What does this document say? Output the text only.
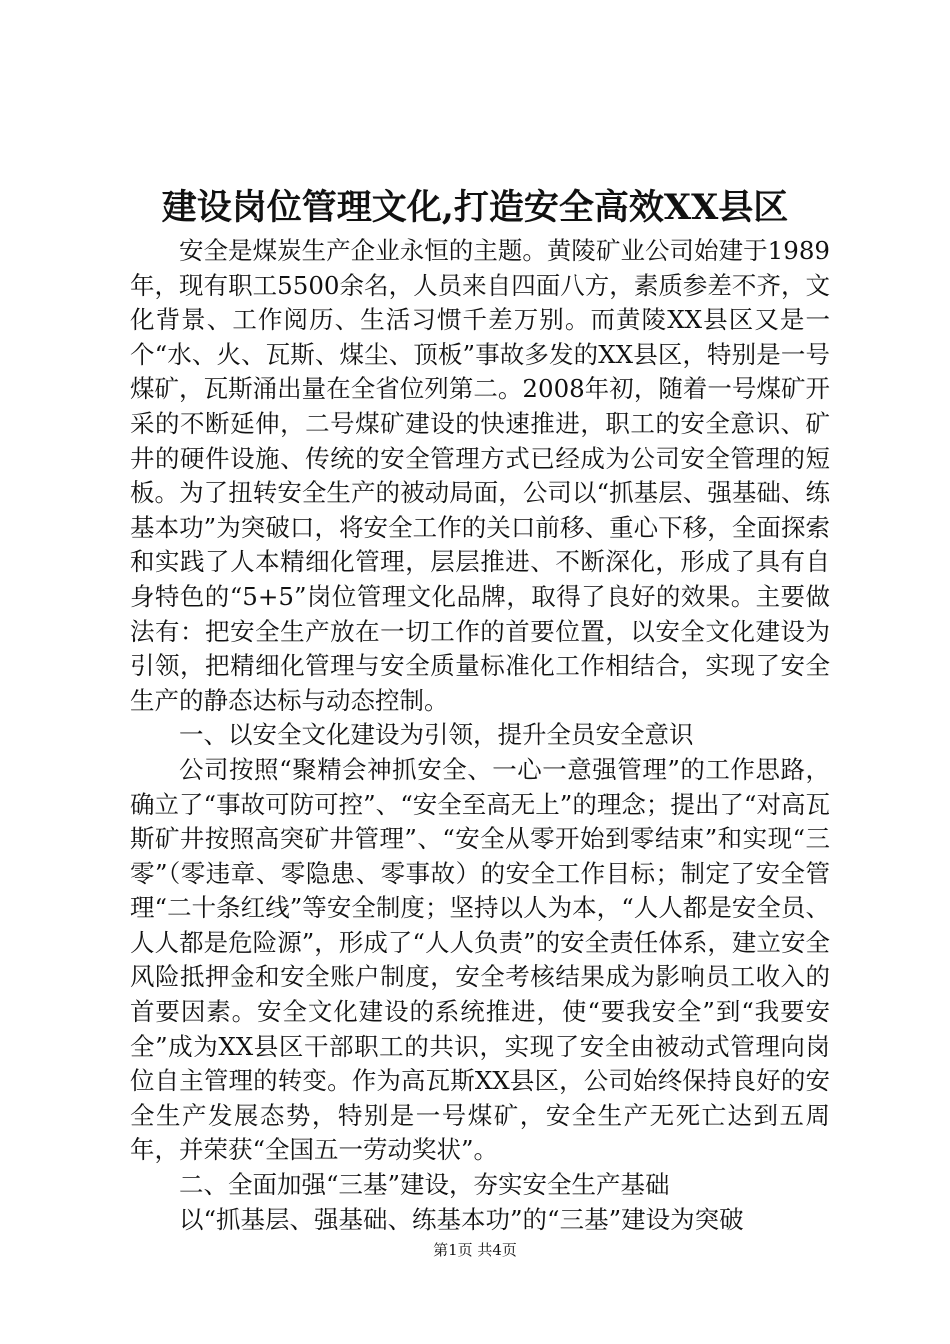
建设岗位管理文化,打造安全高效XX县区

安全是煤炭生产企业永恒的主题。黄陵矿业公司始建于1989年，现有职工5500余名，人员来自四面八方，素质参差不齐，文化背景、工作阅历、生活习惯千差万别。而黄陵XX县区又是一个“水、火、瓦斯、煤尘、顶板”事故多发的XX县区，特别是一号煤矿，瓦斯涌出量在全省位列第二。2008年初，随着一号煤矿开采的不断延伸，二号煤矿建设的快速推进，职工的安全意识、矿井的硬件设施、传统的安全管理方式已经成为公司安全管理的短板。为了扭转安全生产的被动局面，公司以“抓基层、强基础、练基本功”为突破口，将安全工作的关口前移、重心下移，全面探索和实践了人本精细化管理，层层推进、不断深化，形成了具有自身特色的“5+5”岗位管理文化品牌，取得了良好的效果。主要做法有：把安全生产放在一切工作的首要位置，以安全文化建设为引领，把精细化管理与安全质量标准化工作相结合，实现了安全生产的静态达标与动态控制。

一、以安全文化建设为引领，提升全员安全意识

公司按照“聚精会神抓安全、一心一意强管理”的工作思路，确立了“事故可防可控”、“安全至高无上”的理念；提出了“对高瓦斯矿井按照高突矿井管理”、“安全从零开始到零结束”和实现“三零”（零违章、零隐患、零事故）的安全工作目标；制定了安全管理“二十条红线”等安全制度；坚持以人为本，“人人都是安全员、人人都是危险源”，形成了“人人负责”的安全责任体系，建立安全风险抵押金和安全账户制度，安全考核结果成为影响员工收入的首要因素。安全文化建设的系统推进，使“要我安全”到“我要安全”成为XX县区干部职工的共识，实现了安全由被动式管理向岗位自主管理的转变。作为高瓦斯XX县区，公司始终保持良好的安全生产发展态势，特别是一号煤矿，安全生产无死亡达到五周年，并荣获“全国五一劳动奖状”。

二、全面加强“三基”建设，夯实安全生产基础

以“抓基层、强基础、练基本功”的“三基”建设为突破

第1页 共4页
